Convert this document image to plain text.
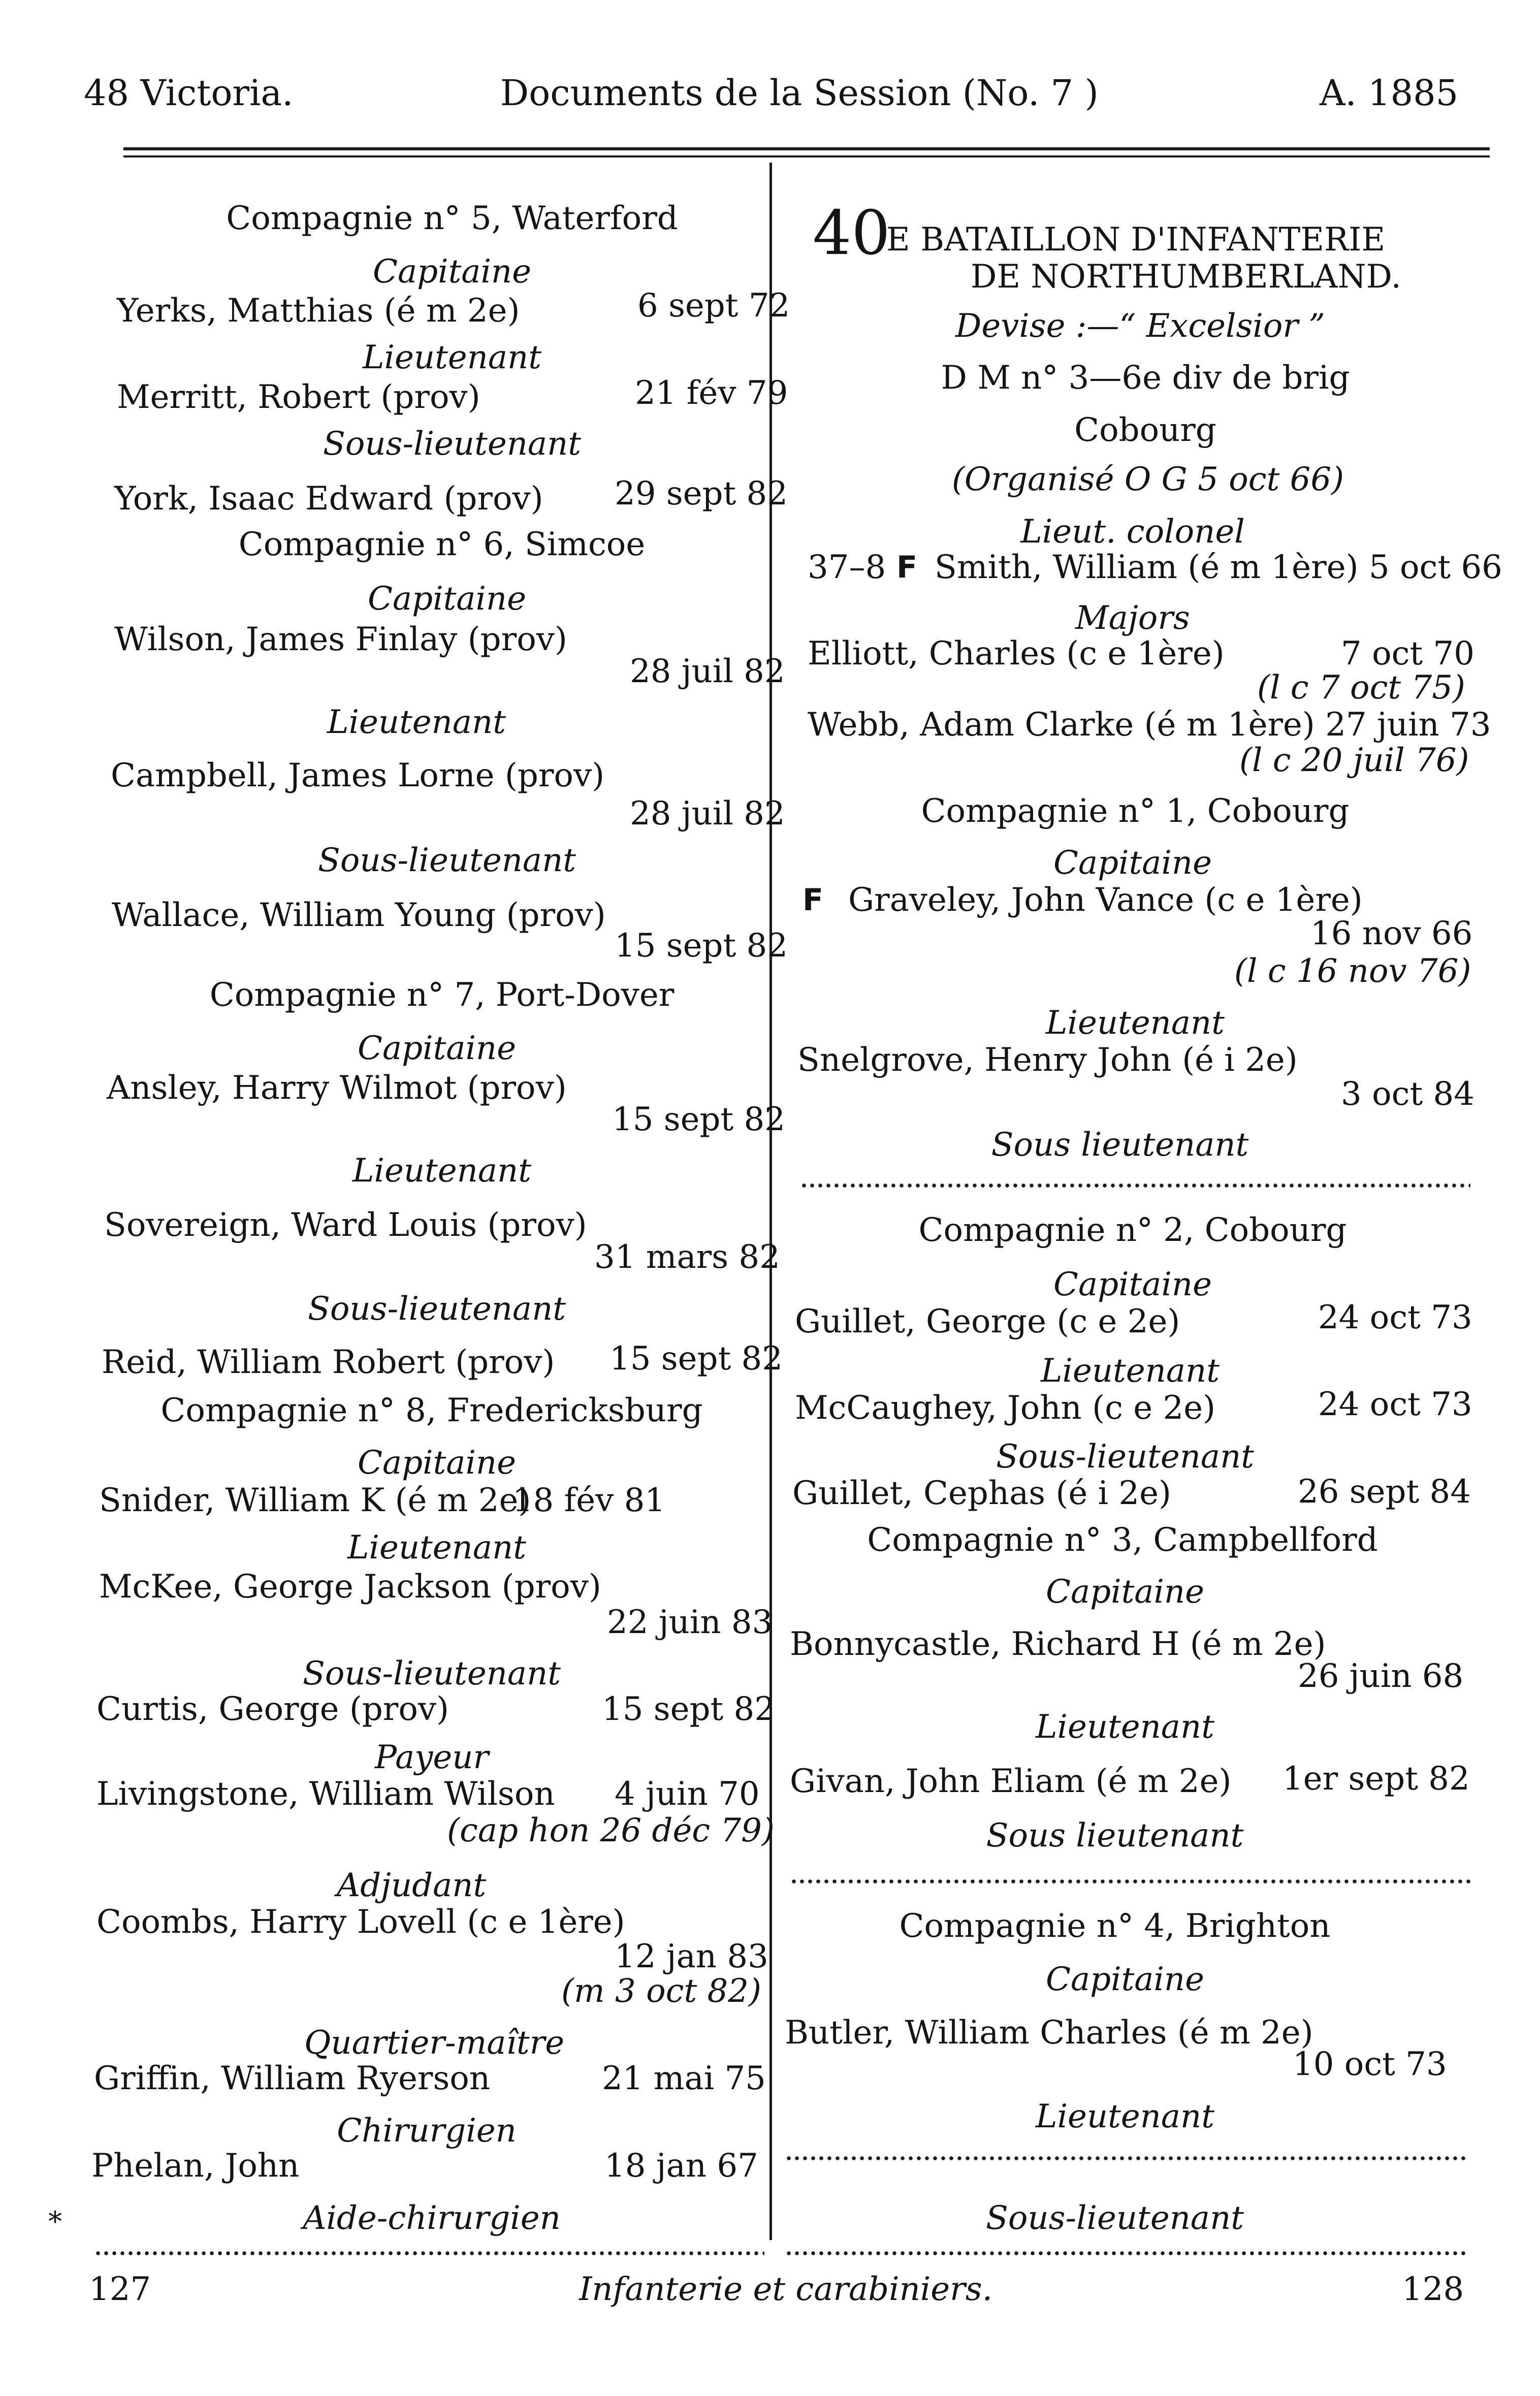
48 Victoria.	Documents de la Session (No. 7 )	A. 1885
Compagnie n° 5, Waterford
Capitaine
Yerks, Matthias (é m 2e)	6 sept 72
Lieutenant
Merritt, Robert (prov)	21 fév 79
Sous-lieutenant
York, Isaac Edward (prov) 29 sept 82
Compagnie n° 6, Simcoe
Capitaine
Wilson, James Finlay (prov)
28 juil 82
Lieutenant
Campbell, James Lorne (prov)
28 juil 82
Sous-lieutenant
Wallace, William Young (prov)
15 sept 82
Compagnie n° 7, Port-Dover
Capitaine
Ansley, Harry Wilmot (prov)
15 sept 82
Lieutenant
Sovereign, Ward Louis (prov)
31 mars 82
Sous-lieutenant
Reid, William Robert (prov) 15 sept 82
Compagnie n° 8, Fredericksburg
Capitaine
Snider, William K (é m 2e)
18 fév 81
Lieutenant
McKee, George Jackson (prov)
22 juin 83
Sous-lieutenant
Curtis, George (prov)	15 sept 82
Payeur
Livingstone, William Wilson 4 juin 70
(cap hon 26 déc 79)
Adjudant
Coombs, Harry Lovell (c e 1ère)
12 jan 83
(m 3 oct 82)
Quartier-maître
Griffin, William Ryerson	21 mai 75
Chirurgien
Phelan, John	18 jan 67
Aide-chirurgien
⁎
40
E BATAILLON D'INFANTERIE
DE NORTHUMBERLAND.
Devise :—“ Excelsior ”
D M n° 3—6e div de brig
Cobourg
(Organisé O G 5 oct 66)
Lieut. colonel
37–8 F Smith, William (é m 1ère) 5 oct 66
Majors
Elliott, Charles (c e 1ère)	7 oct 70
(l c 7 oct 75)
Webb, Adam Clarke (é m 1ère) 27 juin 73
(l c 20 juil 76)
Compagnie n° 1, Cobourg
Capitaine
F Graveley, John Vance (c e 1ère)
16 nov 66
(l c 16 nov 76)
Lieutenant
Snelgrove, Henry John (é i 2e)
3 oct 84
Sous lieutenant
Compagnie n° 2, Cobourg
Capitaine
Guillet, George (c e 2e)	24 oct 73
Lieutenant
McCaughey, John (c e 2e)	24 oct 73
Sous-lieutenant
Guillet, Cephas (é i 2e)	26 sept 84
Compagnie n° 3, Campbellford
Capitaine
Bonnycastle, Richard H (é m 2e)
26 juin 68
Lieutenant
Givan, John Eliam (é m 2e) 1er sept 82
Sous lieutenant
Compagnie n° 4, Brighton
Capitaine
Butler, William Charles (é m 2e)
10 oct 73
Lieutenant
Sous-lieutenant
127	Infanterie et carabiniers.	128
